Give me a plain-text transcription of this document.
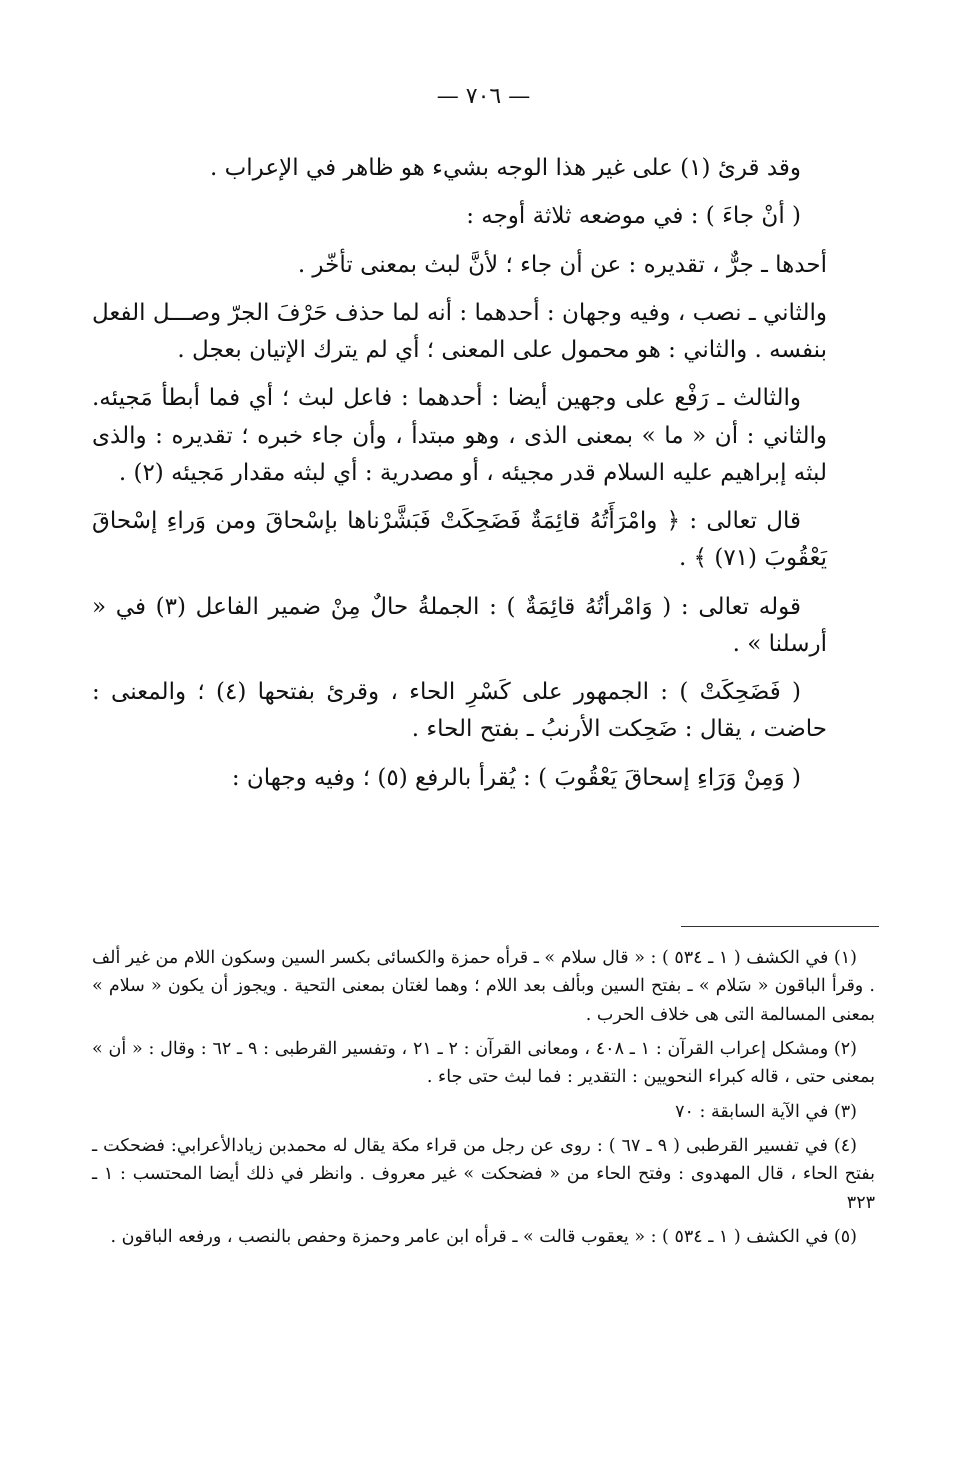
— ٧٠٦ —

وقد قرئ (١) على غير هذا الوجه بشيء هو ظاهر في الإعراب .

( أنْ جاءَ ) : في موضعه ثلاثة أوجه :

أحدها ـ جرٌّ ، تقديره : عن أن جاء ؛ لأنَّ لبث بمعنى تأخّر .

والثاني ـ نصب ، وفيه وجهان : أحدهما : أنه لما حذف حَرْفَ الجرّ وصـــل الفعل بنفسه . والثاني : هو محمول على المعنى ؛ أي لم يترك الإتيان بعجل .

والثالث ـ رَفْع على وجهين أيضا : أحدهما : فاعل لبث ؛ أي فما أبطأ مَجيئه. والثاني : أن « ما » بمعنى الذى ، وهو مبتدأ ، وأن جاء خبره ؛ تقديره : والذى لبثه إبراهيم عليه السلام قدر مجيئه ، أو مصدرية : أي لبثه مقدار مَجيئه (٢) .

قال تعالى : ﴿ وامْرَأَتُهُ قائِمَةٌ فَضَحِكَتْ فَبَشَّرْناها بإسْحاقَ ومن وَراءِ إسْحاقَ يَعْقُوبَ (٧١) ﴾ .

قوله تعالى : ( وَامْرأتُهُ قائِمَةٌ ) : الجملةُ حالٌ مِنْ ضمير الفاعل (٣) في « أرسلنا » .

( فَضَحِكَتْ ) : الجمهور على كَسْرِ الحاء ، وقرئ بفتحها (٤) ؛ والمعنى : حاضت ، يقال : ضَحِكت الأرنبُ ـ بفتح الحاء .

( وَمِنْ وَرَاءِ إسحاقَ يَعْقُوبَ ) : يُقرأ بالرفع (٥) ؛ وفيه وجهان :

(١) في الكشف ( ١ ـ ٥٣٤ ) : « قال سلام » ـ قرأه حمزة والكسائى بكسر السين وسكون اللام من غير ألف . وقرأ الباقون « سَلام » ـ بفتح السين وبألف بعد اللام ؛ وهما لغتان بمعنى التحية . ويجوز أن يكون « سلام » بمعنى المسالمة التى هى خلاف الحرب .

(٢) ومشكل إعراب القرآن : ١ ـ ٤٠٨ ، ومعانى القرآن : ٢ ـ ٢١ ، وتفسير القرطبى : ٩ ـ ٦٢ : وقال : « أن » بمعنى حتى ، قاله كبراء النحويين : التقدير : فما لبث حتى جاء .

(٣) في الآية السابقة : ٧٠

(٤) في تفسير القرطبى ( ٩ ـ ٦٧ ) : روى عن رجل من قراء مكة يقال له محمدبن زيادالأعرابي: فضحكت ـ بفتح الحاء ، قال المهدوى : وفتح الحاء من « فضحكت » غير معروف . وانظر في ذلك أيضا المحتسب : ١ ـ ٣٢٣

(٥) في الكشف ( ١ ـ ٥٣٤ ) : « يعقوب قالت » ـ قرأه ابن عامر وحمزة وحفص بالنصب ، ورفعه الباقون .
